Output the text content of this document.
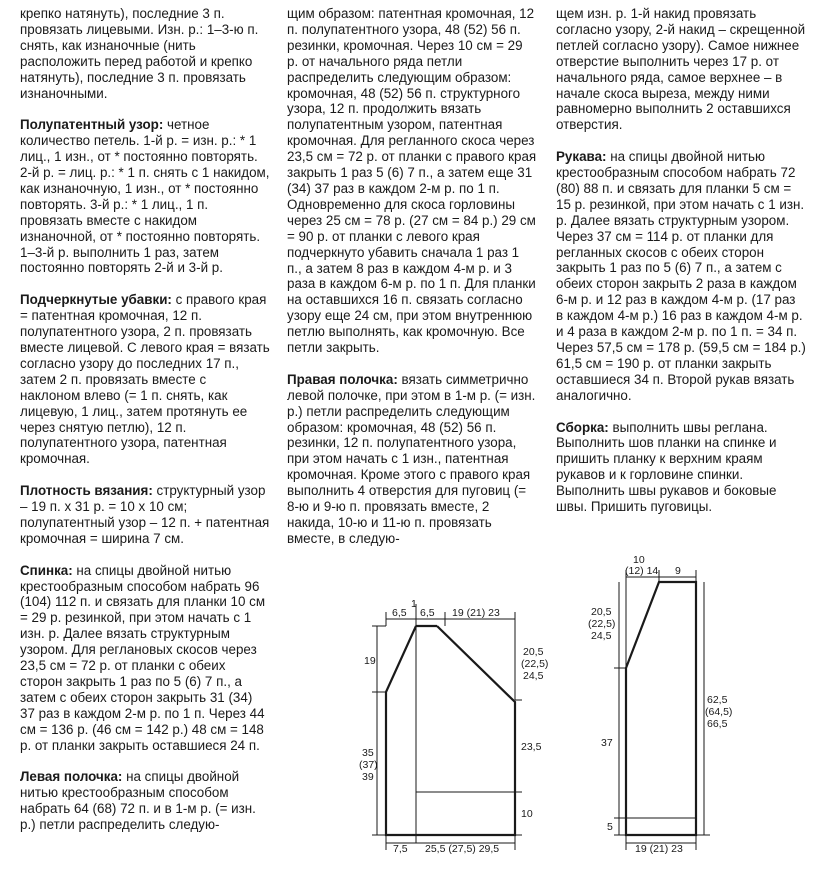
крепко натянуть), последние 3 п. провязать лицевыми. Изн. р.: 1–3-ю п. снять, как изнаночные (нить расположить перед работой и крепко натянуть), последние 3 п. провязать изнаночными.

Полупатентный узор: четное количество петель. 1-й р. = изн. р.: * 1 лиц., 1 изн., от * постоянно повторять. 2-й р. = лиц. р.: * 1 п. снять с 1 накидом, как изнаночную, 1 изн., от * постоянно повторять. 3-й р.: * 1 лиц., 1 п. провязать вместе с накидом изнаночной, от * постоянно повторять. 1–3-й р. выполнить 1 раз, затем постоянно повторять 2-й и 3-й р.

Подчеркнутые убавки: с правого края = патентная кромочная, 12 п. полупатентного узора, 2 п. провязать вместе лицевой. С левого края = вязать согласно узору до последних 17 п., затем 2 п. провязать вместе с наклоном влево (= 1 п. снять, как лицевую, 1 лиц., затем протянуть ее через снятую петлю), 12 п. полупатентного узора, патентная кромочная.

Плотность вязания: структурный узор – 19 п. х 31 р. = 10 х 10 см; полупатентный узор – 12 п. + патентная кромочная = ширина 7 см.

Спинка: на спицы двойной нитью крестообразным способом набрать 96 (104) 112 п. и связать для планки 10 см = 29 р. резинкой, при этом начать с 1 изн. р. Далее вязать структурным узором. Для реглановых скосов через 23,5 см = 72 р. от планки с обеих сторон закрыть 1 раз по 5 (6) 7 п., а затем с обеих сторон закрыть 31 (34) 37 раз в каждом 2-м р. по 1 п. Через 44 см = 136 р. (46 см = 142 р.) 48 см = 148 р. от планки закрыть оставшиеся 24 п.

Левая полочка: на спицы двойной нитью крестообразным способом набрать 64 (68) 72 п. и в 1-м р. (= изн. р.) петли распределить следую-

щим образом: патентная кромочная, 12 п. полупатентного узора, 48 (52) 56 п. резинки, кромочная. Через 10 см = 29 р. от начального ряда петли распределить следующим образом: кромочная, 48 (52) 56 п. структурного узора, 12 п. продолжить вязать полупатентным узором, патентная кромочная. Для регланного скоса через 23,5 см = 72 р. от планки с правого края закрыть 1 раз 5 (6) 7 п., а затем еще 31 (34) 37 раз в каждом 2-м р. по 1 п. Одновременно для скоса горловины через 25 см = 78 р. (27 см = 84 р.) 29 см = 90 р. от планки с левого края подчеркнуто убавить сначала 1 раз 1 п., а затем 8 раз в каждом 4-м р. и 3 раза в каждом 6-м р. по 1 п. Для планки на оставшихся 16 п. связать согласно узору еще 24 см, при этом внутреннюю петлю выполнять, как кромочную. Все петли закрыть.

Правая полочка: вязать симметрично левой полочке, при этом в 1-м р. (= изн. р.) петли распределить следующим образом: кромочная, 48 (52) 56 п. резинки, 12 п. полупатентного узора, при этом начать с 1 изн., патентная кромочная. Кроме этого с правого края выполнить 4 отверстия для пуговиц (= 8-ю и 9-ю п. провязать вместе, 2 накида, 10-ю и 11-ю п. провязать вместе, в следую-

щем изн. р. 1-й накид провязать согласно узору, 2-й накид – скрещенной петлей согласно узору). Самое нижнее отверстие выполнить через 17 р. от начального ряда, самое верхнее – в начале скоса выреза, между ними равномерно выполнить 2 оставшихся отверстия.

Рукава: на спицы двойной нитью крестообразным способом набрать 72 (80) 88 п. и связать для планки 5 см = 15 р. резинкой, при этом начать с 1 изн. р. Далее вязать структурным узором. Через 37 см = 114 р. от планки для регланных скосов с обеих сторон закрыть 1 раз по 5 (6) 7 п., а затем с обеих сторон закрыть 2 раза в каждом 6-м р. и 12 раз в каждом 4-м р. (17 раз в каждом 4-м р.) 16 раз в каждом 4-м р. и 4 раза в каждом 2-м р. по 1 п. = 34 п. Через 57,5 см = 178 р. (59,5 см = 184 р.) 61,5 см = 190 р. от планки закрыть оставшиеся 34 п. Второй рукав вязать аналогично.

Сборка: выполнить швы реглана. Выполнить шов планки на спинке и пришить планку к верхним краям рукавов и к горловине спинки. Выполнить швы рукавов и боковые швы. Пришить пуговицы.

6,5
1
6,5 19 (21) 23
19
35
(37)
39
20,5
(22,5)
24,5
23,5
10
7,5 25,5 (27,5) 29,5
10
(12) 14 9
20,5
(22,5)
24,5
37
5
62,5
(64,5)
66,5
19 (21) 23
